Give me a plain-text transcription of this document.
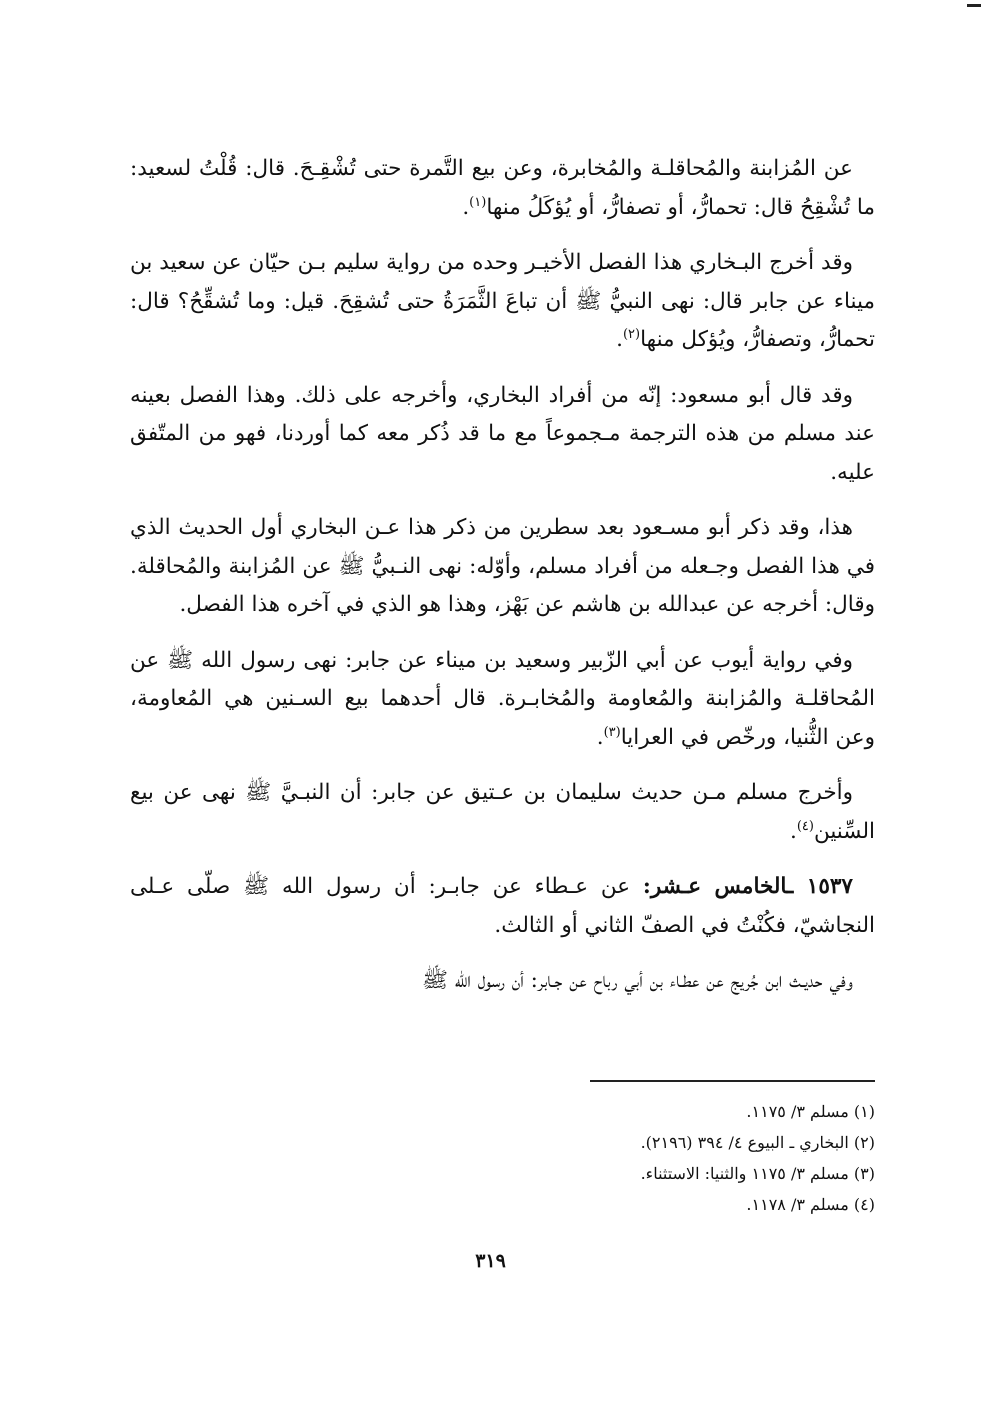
عن المُزابنة والمُحاقلـة والمُخابرة، وعن بيع التَّمرة حتى تُشْقِـحَ. قال: قُلْتُ لسعيد: ما تُشْقِحُ قال: تحمارُّ، أو تصفارُّ، أو يُؤكَلُ منها$^{(١)}$.

وقد أخرج البـخاري هذا الفصل الأخيـر وحده من رواية سليم بـن حيّان عن سعيد بن ميناء عن جابر قال: نهى النبيُّ ﷺ أن تباعَ الثَّمَرَةُ حتى تُشقِحَ. قيل: وما تُشقِّحُ؟ قال: تحمارُّ، وتصفارُّ، ويُؤكل منها$^{(٢)}$.

وقد قال أبو مسعود: إنّه من أفراد البخاري، وأخرجه على ذلك. وهذا الفصل بعينه عند مسلم من هذه الترجمة مـجموعاً مع ما قد ذُكر معه كما أوردنا، فهو من المتّفق عليه.

هذا، وقد ذكر أبو مسـعود بعد سطرين من ذكر هذا عـن البخاري أول الحديث الذي في هذا الفصل وجـعله من أفراد مسلم، وأوّله: نهى النـبيُّ ﷺ عن المُزابنة والمُحاقلة. وقال: أخرجه عن عبدالله بن هاشم عن بَهْز، وهذا هو الذي في آخره هذا الفصل.

وفي رواية أيوب عن أبي الزّبير وسعيد بن ميناء عن جابر: نهى رسول الله ﷺ عن المُحاقلـة والمُزابنة والمُعاومة والمُخابـرة. قال أحدهما بيع السـنين هي المُعاومة، وعن الثُّنيا، ورخّص في العرايا$^{(٣)}$.

وأخرج مسلم مـن حديث سليمان بن عـتيق عن جابر: أن النبـيَّ ﷺ نهى عن بيع السِّنين$^{(٤)}$.

١٥٣٧ ـالخامس عـشر: عن عـطاء عن جابـر: أن رسول الله ﷺ صلّى عـلى النجاشيّ، فكُنْتُ في الصفّ الثاني أو الثالث.

وفي حديـث ابن جُريج عن عطـاء بن أبي رباح عن جـابر: أن رسول الله ﷺ

(١) مسلم ٣/ ١١٧٥.

(٢) البخاري ـ البيوع ٤/ ٣٩٤ (٢١٩٦).

(٣) مسلم ٣/ ١١٧٥ والثنيا: الاستثناء.

(٤) مسلم ٣/ ١١٧٨.

٣١٩
